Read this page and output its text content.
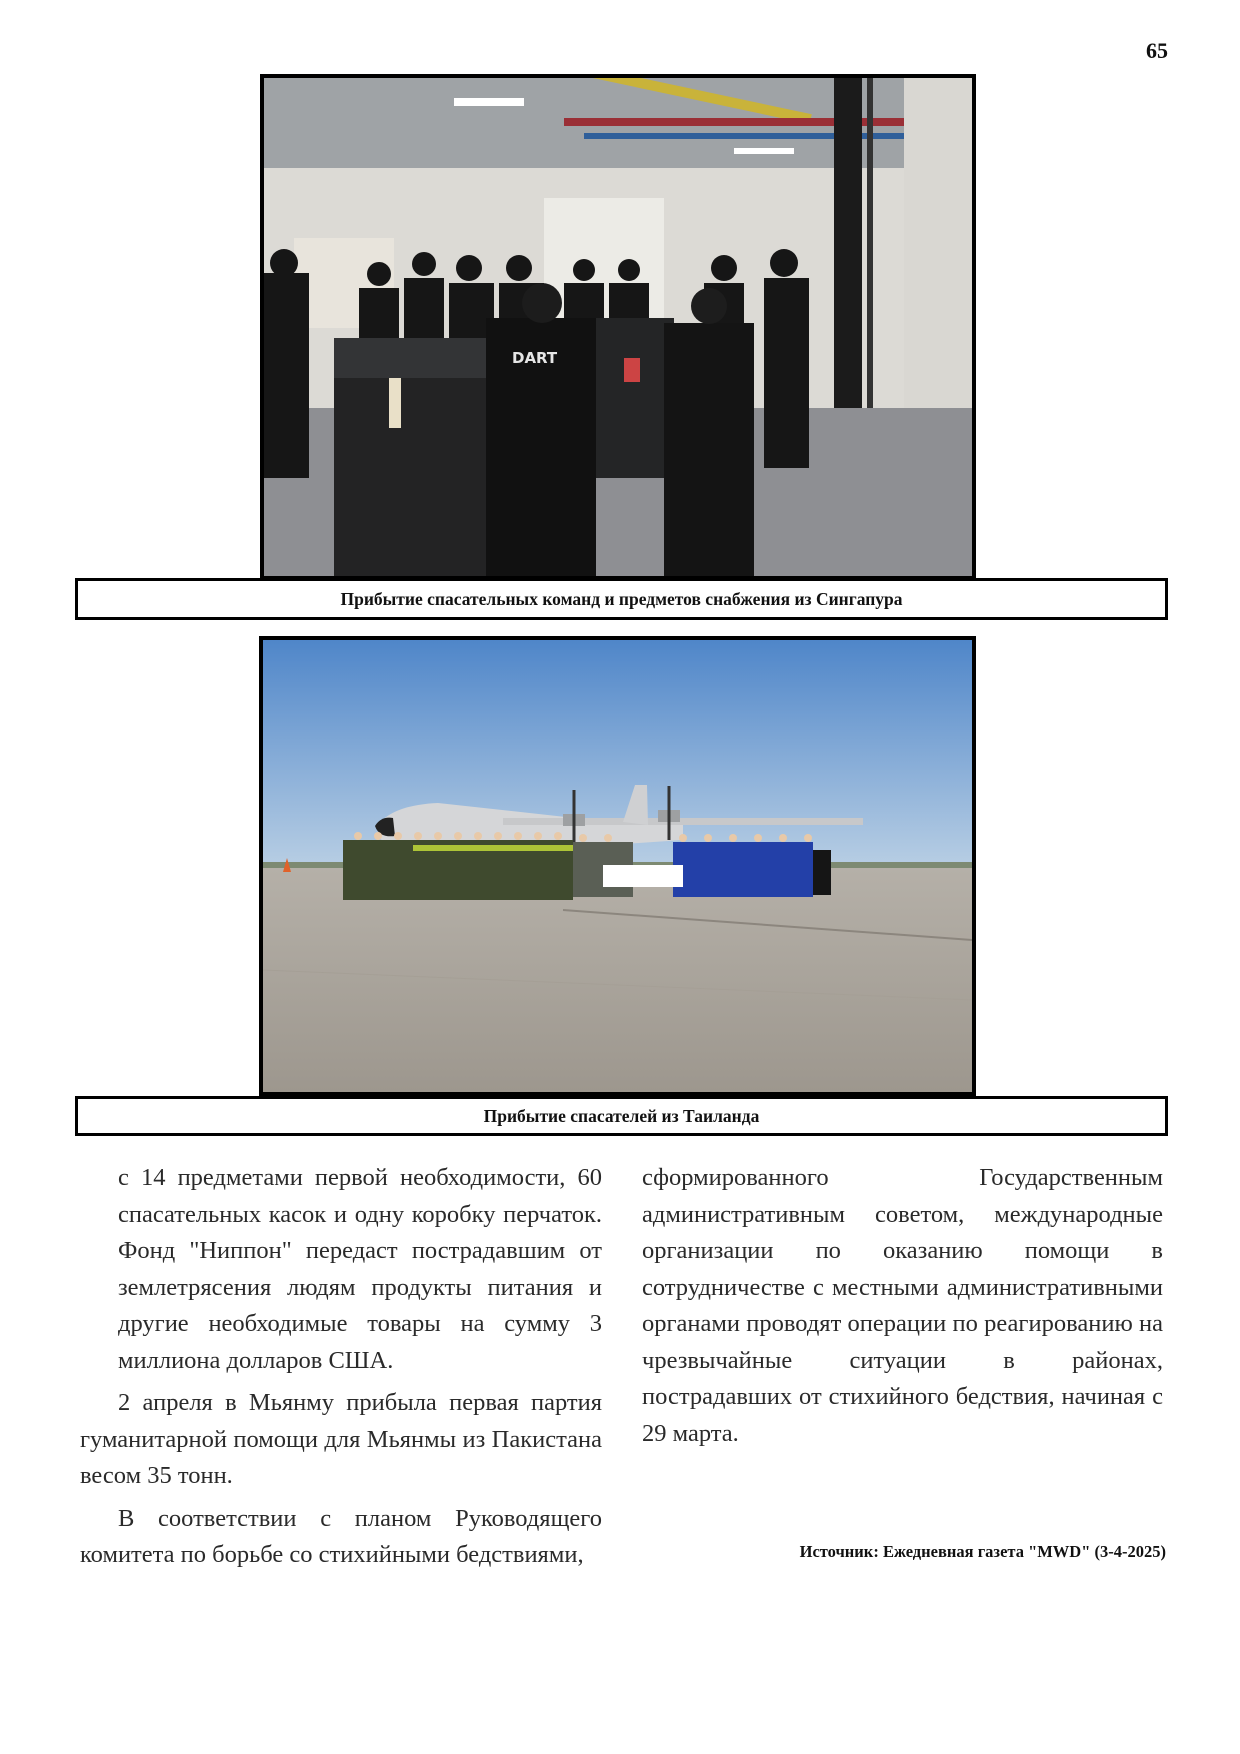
65
DART
Прибытие спасательных команд и предметов снабжения из Сингапура
Прибытие спасателей из Таиланда

с 14 предметами первой необходимости, 60 спасательных касок и одну коробку перчаток. Фонд "Ниппон" передаст пострадавшим от землетрясения людям продукты питания и другие необходимые товары на сумму 3 миллиона долларов США.

2 апреля в Мьянму прибыла первая партия гуманитарной помощи для Мьянмы из Пакистана весом 35 тонн.

В соответствии с планом Руководящего комитета по борьбе со стихийными бедствиями,

сформированного Государственным административным советом, международные организации по оказанию помощи в сотрудничестве с местными административными органами проводят операции по реагированию на чрезвычайные ситуации в районах, пострадавших от стихийного бедствия, начиная с 29 марта.

Источник: Ежедневная газета "MWD" (3-4-2025)
